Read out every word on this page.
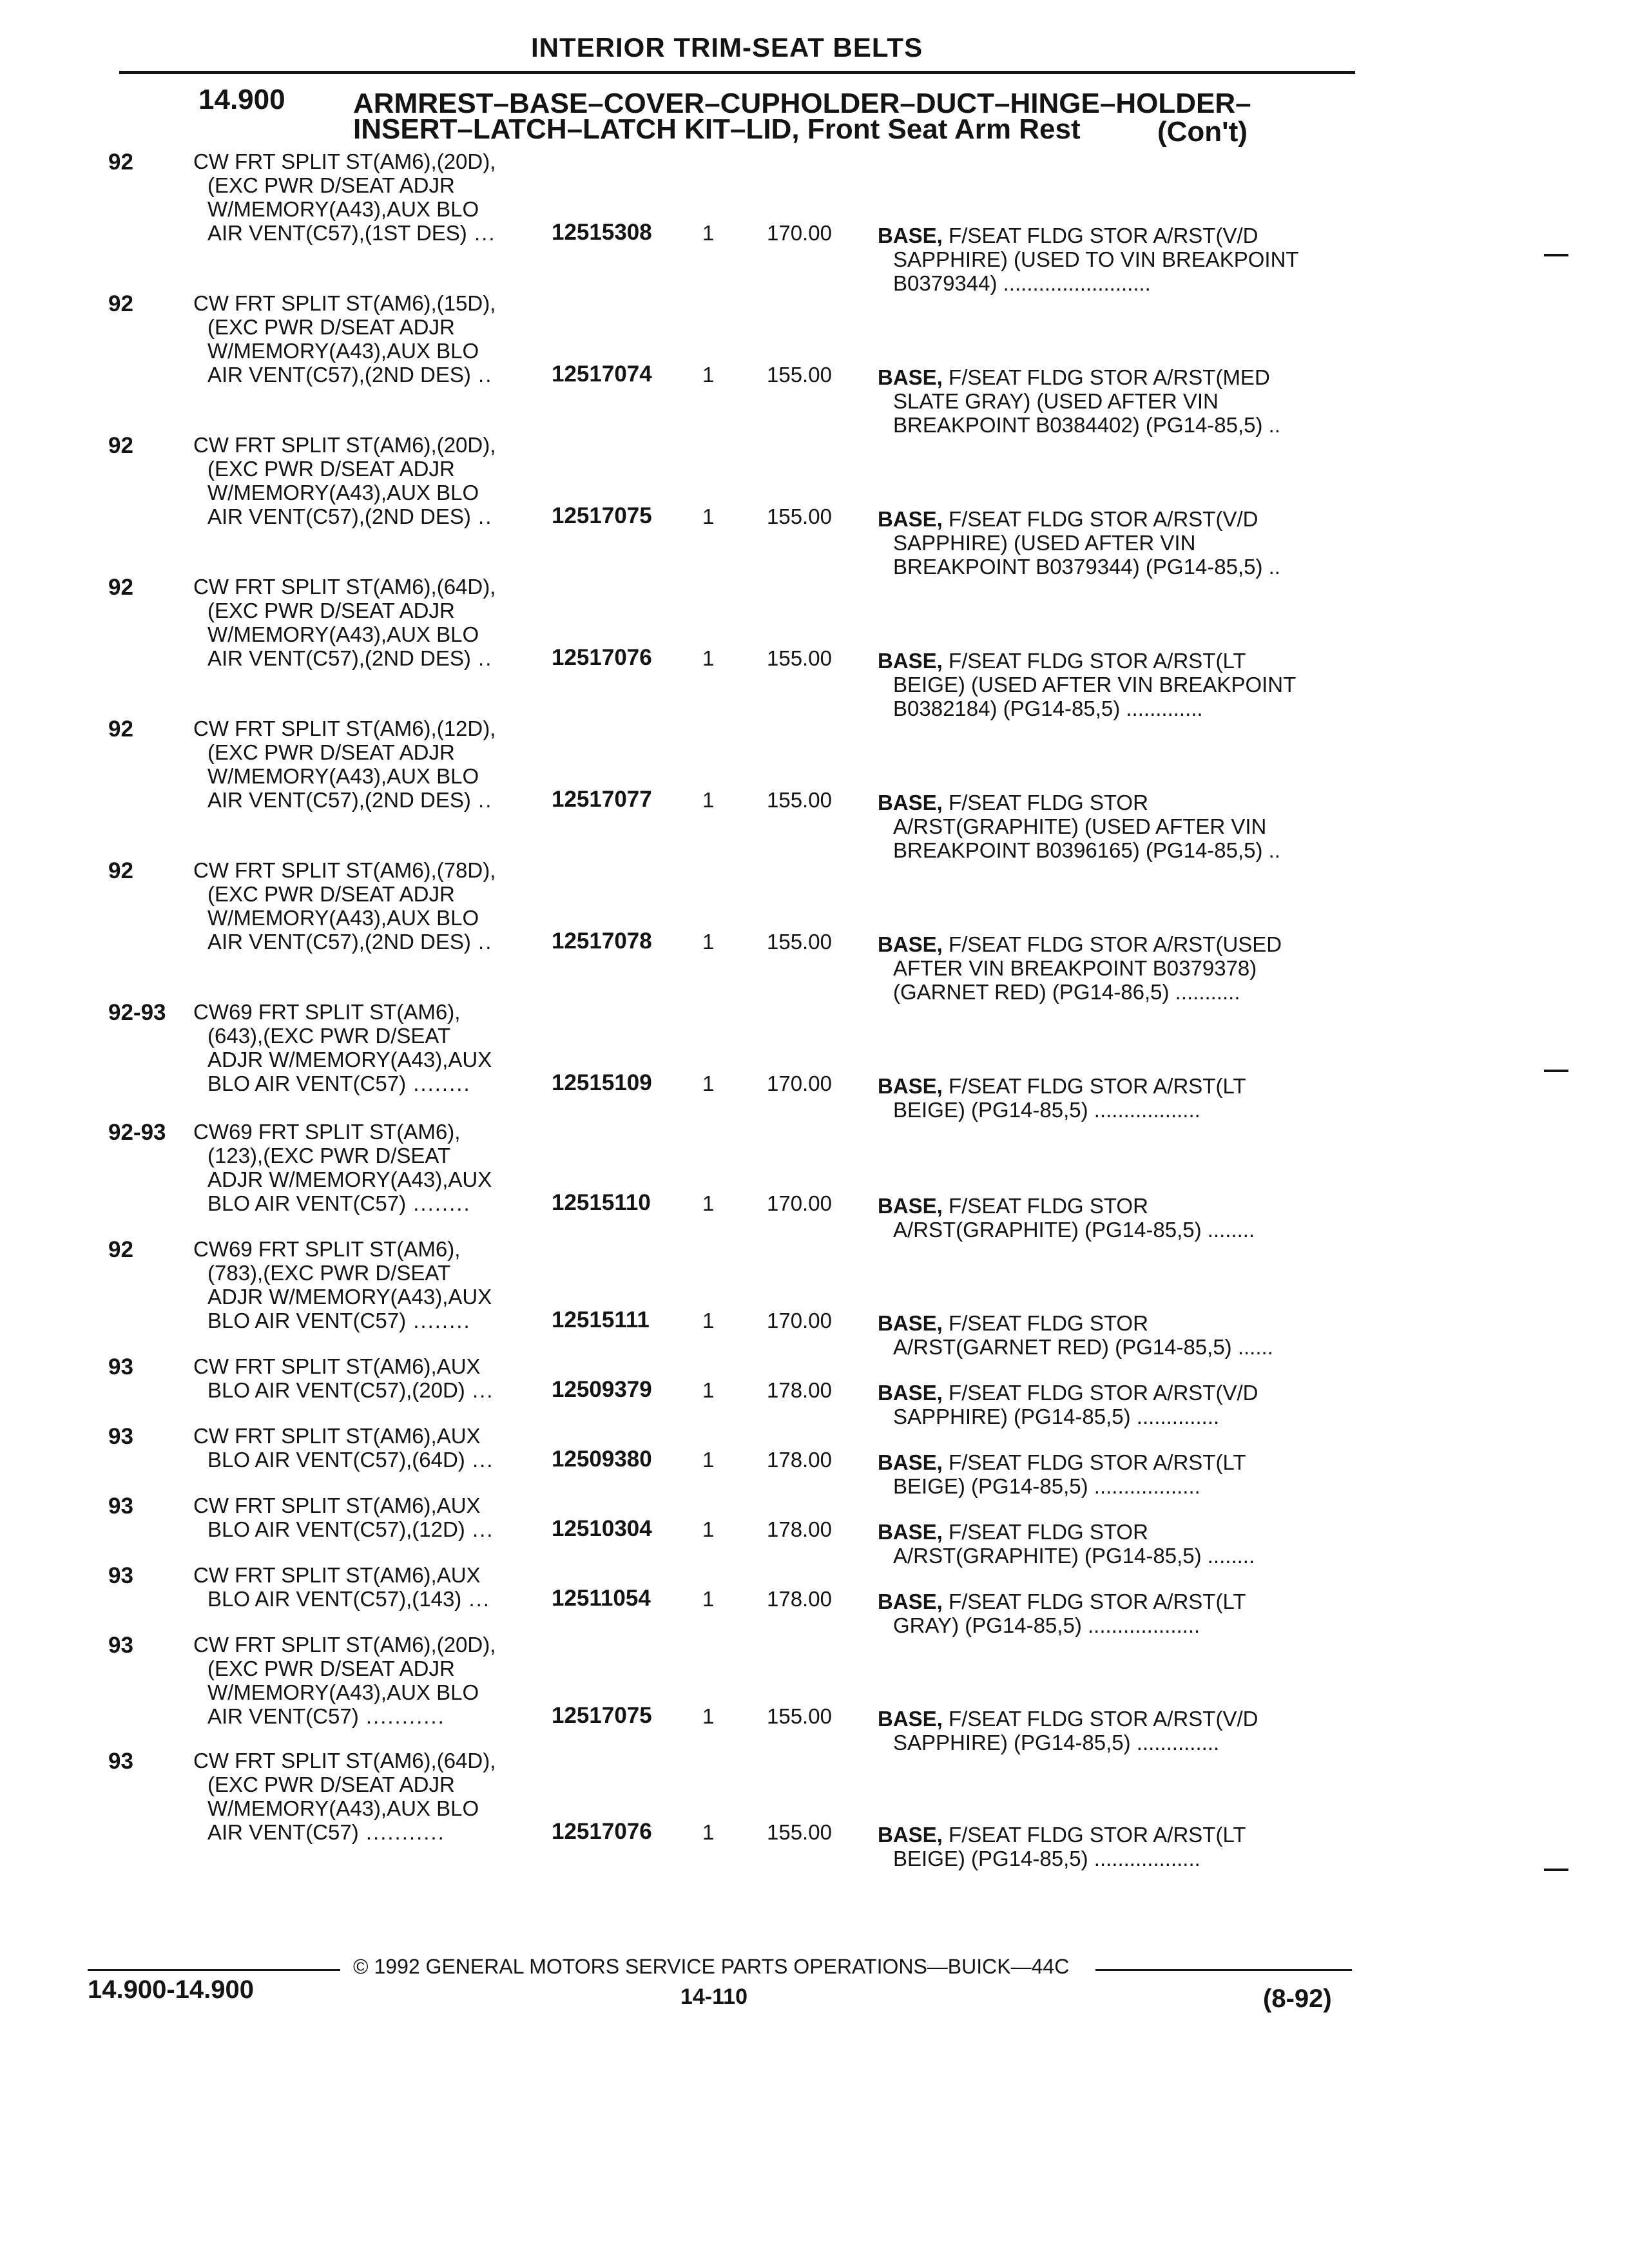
INTERIOR TRIM-SEAT BELTS
14.900 ARMREST–BASE–COVER–CUPHOLDER–DUCT–HINGE–HOLDER–
INSERT–LATCH–LATCH KIT–LID, Front Seat Arm Rest	(Con't)
92	CW FRT SPLIT ST(AM6),(20D),
(EXC PWR D/SEAT ADJR
W/MEMORY(A43),AUX BLO
AIR VENT(C57),(1ST DES) ... 12515308 1 170.00 BASE, F/SEAT FLDG STOR A/RST(V/D
SAPPHIRE) (USED TO VIN BREAKPOINT
B0379344) .........................
92	CW FRT SPLIT ST(AM6),(15D),
(EXC PWR D/SEAT ADJR
W/MEMORY(A43),AUX BLO
AIR VENT(C57),(2ND DES) ..	12517074 1 155.00 BASE, F/SEAT FLDG STOR A/RST(MED
SLATE GRAY) (USED AFTER VIN
BREAKPOINT B0384402) (PG14-85,5) ..
92	CW FRT SPLIT ST(AM6),(20D),
(EXC PWR D/SEAT ADJR
W/MEMORY(A43),AUX BLO
AIR VENT(C57),(2ND DES) ..	12517075 1 155.00 BASE, F/SEAT FLDG STOR A/RST(V/D
SAPPHIRE) (USED AFTER VIN
BREAKPOINT B0379344) (PG14-85,5) ..
92	CW FRT SPLIT ST(AM6),(64D),
(EXC PWR D/SEAT ADJR
W/MEMORY(A43),AUX BLO
AIR VENT(C57),(2ND DES) ..	12517076 1 155.00 BASE, F/SEAT FLDG STOR A/RST(LT
BEIGE) (USED AFTER VIN BREAKPOINT
B0382184) (PG14-85,5) .............
92	CW FRT SPLIT ST(AM6),(12D),
(EXC PWR D/SEAT ADJR
W/MEMORY(A43),AUX BLO
AIR VENT(C57),(2ND DES) ..	12517077 1 155.00 BASE, F/SEAT FLDG STOR
A/RST(GRAPHITE) (USED AFTER VIN
BREAKPOINT B0396165) (PG14-85,5) ..
92	CW FRT SPLIT ST(AM6),(78D),
(EXC PWR D/SEAT ADJR
W/MEMORY(A43),AUX BLO
AIR VENT(C57),(2ND DES) ..	12517078 1 155.00 BASE, F/SEAT FLDG STOR A/RST(USED
AFTER VIN BREAKPOINT B0379378)
(GARNET RED) (PG14-86,5) ...........
92-93 CW69 FRT SPLIT ST(AM6),
(643),(EXC PWR D/SEAT
ADJR W/MEMORY(A43),AUX
BLO AIR VENT(C57) ........	12515109 1 170.00 BASE, F/SEAT FLDG STOR A/RST(LT
BEIGE) (PG14-85,5) ..................
92-93 CW69 FRT SPLIT ST(AM6),
(123),(EXC PWR D/SEAT
ADJR W/MEMORY(A43),AUX
BLO AIR VENT(C57) ........	12515110 1 170.00 BASE, F/SEAT FLDG STOR
A/RST(GRAPHITE) (PG14-85,5) ........
92	CW69 FRT SPLIT ST(AM6),
(783),(EXC PWR D/SEAT
ADJR W/MEMORY(A43),AUX
BLO AIR VENT(C57) ........	12515111 1 170.00 BASE, F/SEAT FLDG STOR
A/RST(GARNET RED) (PG14-85,5) ......
93	CW FRT SPLIT ST(AM6),AUX
BLO AIR VENT(C57),(20D) ...	12509379 1 178.00 BASE, F/SEAT FLDG STOR A/RST(V/D
SAPPHIRE) (PG14-85,5) ..............
93	CW FRT SPLIT ST(AM6),AUX
BLO AIR VENT(C57),(64D) ...	12509380 1 178.00 BASE, F/SEAT FLDG STOR A/RST(LT
BEIGE) (PG14-85,5) ..................
93	CW FRT SPLIT ST(AM6),AUX
BLO AIR VENT(C57),(12D) ...	12510304 1 178.00 BASE, F/SEAT FLDG STOR
A/RST(GRAPHITE) (PG14-85,5) ........
93	CW FRT SPLIT ST(AM6),AUX
BLO AIR VENT(C57),(143) ...	12511054 1 178.00 BASE, F/SEAT FLDG STOR A/RST(LT
GRAY) (PG14-85,5) ...................
93	CW FRT SPLIT ST(AM6),(20D),
(EXC PWR D/SEAT ADJR
W/MEMORY(A43),AUX BLO
AIR VENT(C57) ...........	12517075 1 155.00 BASE, F/SEAT FLDG STOR A/RST(V/D
SAPPHIRE) (PG14-85,5) ..............
93	CW FRT SPLIT ST(AM6),(64D),
(EXC PWR D/SEAT ADJR
W/MEMORY(A43),AUX BLO
AIR VENT(C57) ...........	12517076 1 155.00 BASE, F/SEAT FLDG STOR A/RST(LT
BEIGE) (PG14-85,5) ..................
© 1992 GENERAL MOTORS SERVICE PARTS OPERATIONS—BUICK—44C
14.900-14.900	14-110	(8-92)
